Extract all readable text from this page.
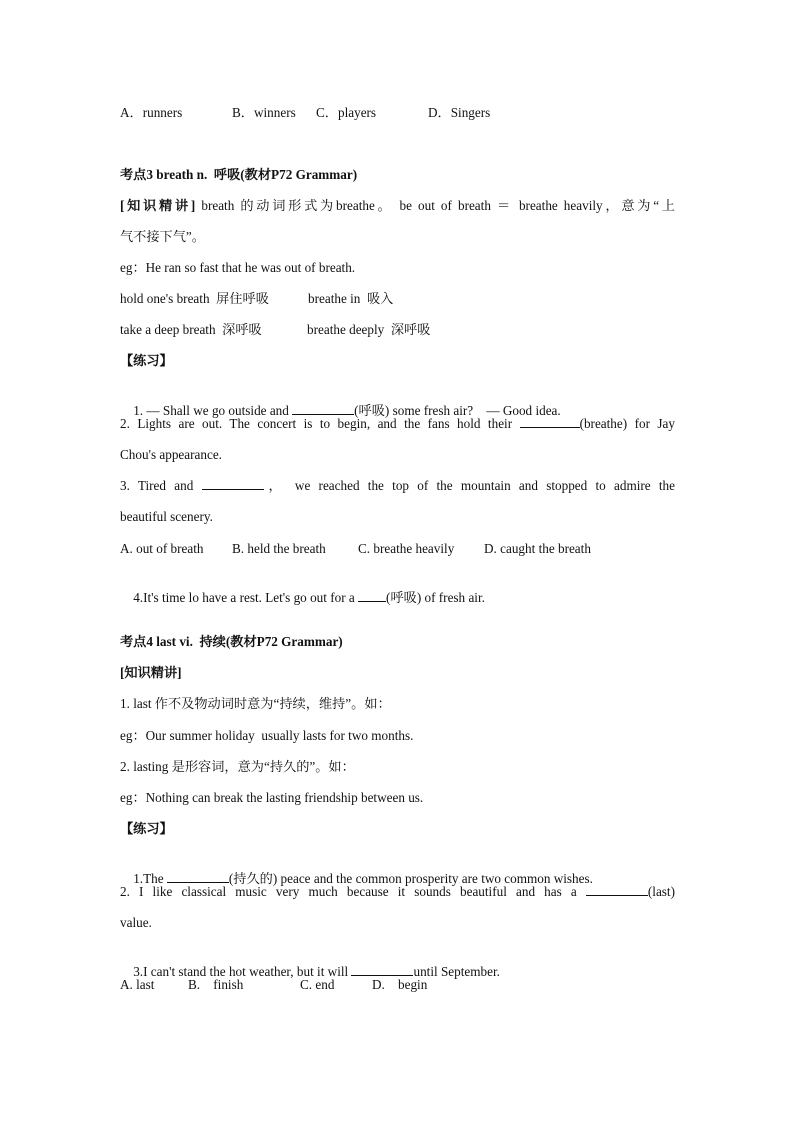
A．runners

	B．winners

C．players

	D．Singers

考点3 breath n.  呼吸(教材P72 Grammar)
[知识精讲] breath 的动词形式为breathe。 be out of breath ＝ breathe heavily，意为“上
气不接下气”。
eg：He ran so fast that he was out of breath.

hold one's breath  屏住呼吸

	breathe in  吸入

take a deep breath  深呼吸

	breathe deeply  深呼吸

【练习】

1. — Shall we go outside and	(呼吸) some fresh air?    — Good idea.

2. Lights are out. The concert is to begin, and the fans hold their	(breathe) for Jay
Chou's appearance.
3. Tired and	， we reached the top of the mountain and stopped to admire the
beautiful scenery.

A. out of breath

B. held the breath

C. breathe heavily

D. caught the breath

4.It's time lo have a rest. Let's go out for a (呼吸) of fresh air.

考点4 last vi.  持续(教材P72 Grammar)
[知识精讲]
1. last 作不及物动词时意为“持续，维持”。如：
eg：Our summer holiday  usually lasts for two months.
2. lasting 是形容词，意为“持久的”。如：
eg：Nothing can break the lasting friendship between us.
【练习】

1.The	(持久的) peace and the common prosperity are two common wishes.

2. I like classical music very much because it sounds beautiful and has a	(last)
value.

3.I can't stand the hot weather, but it will	until September.

A. last

	B.    finish

	C. end

	D.    begin
